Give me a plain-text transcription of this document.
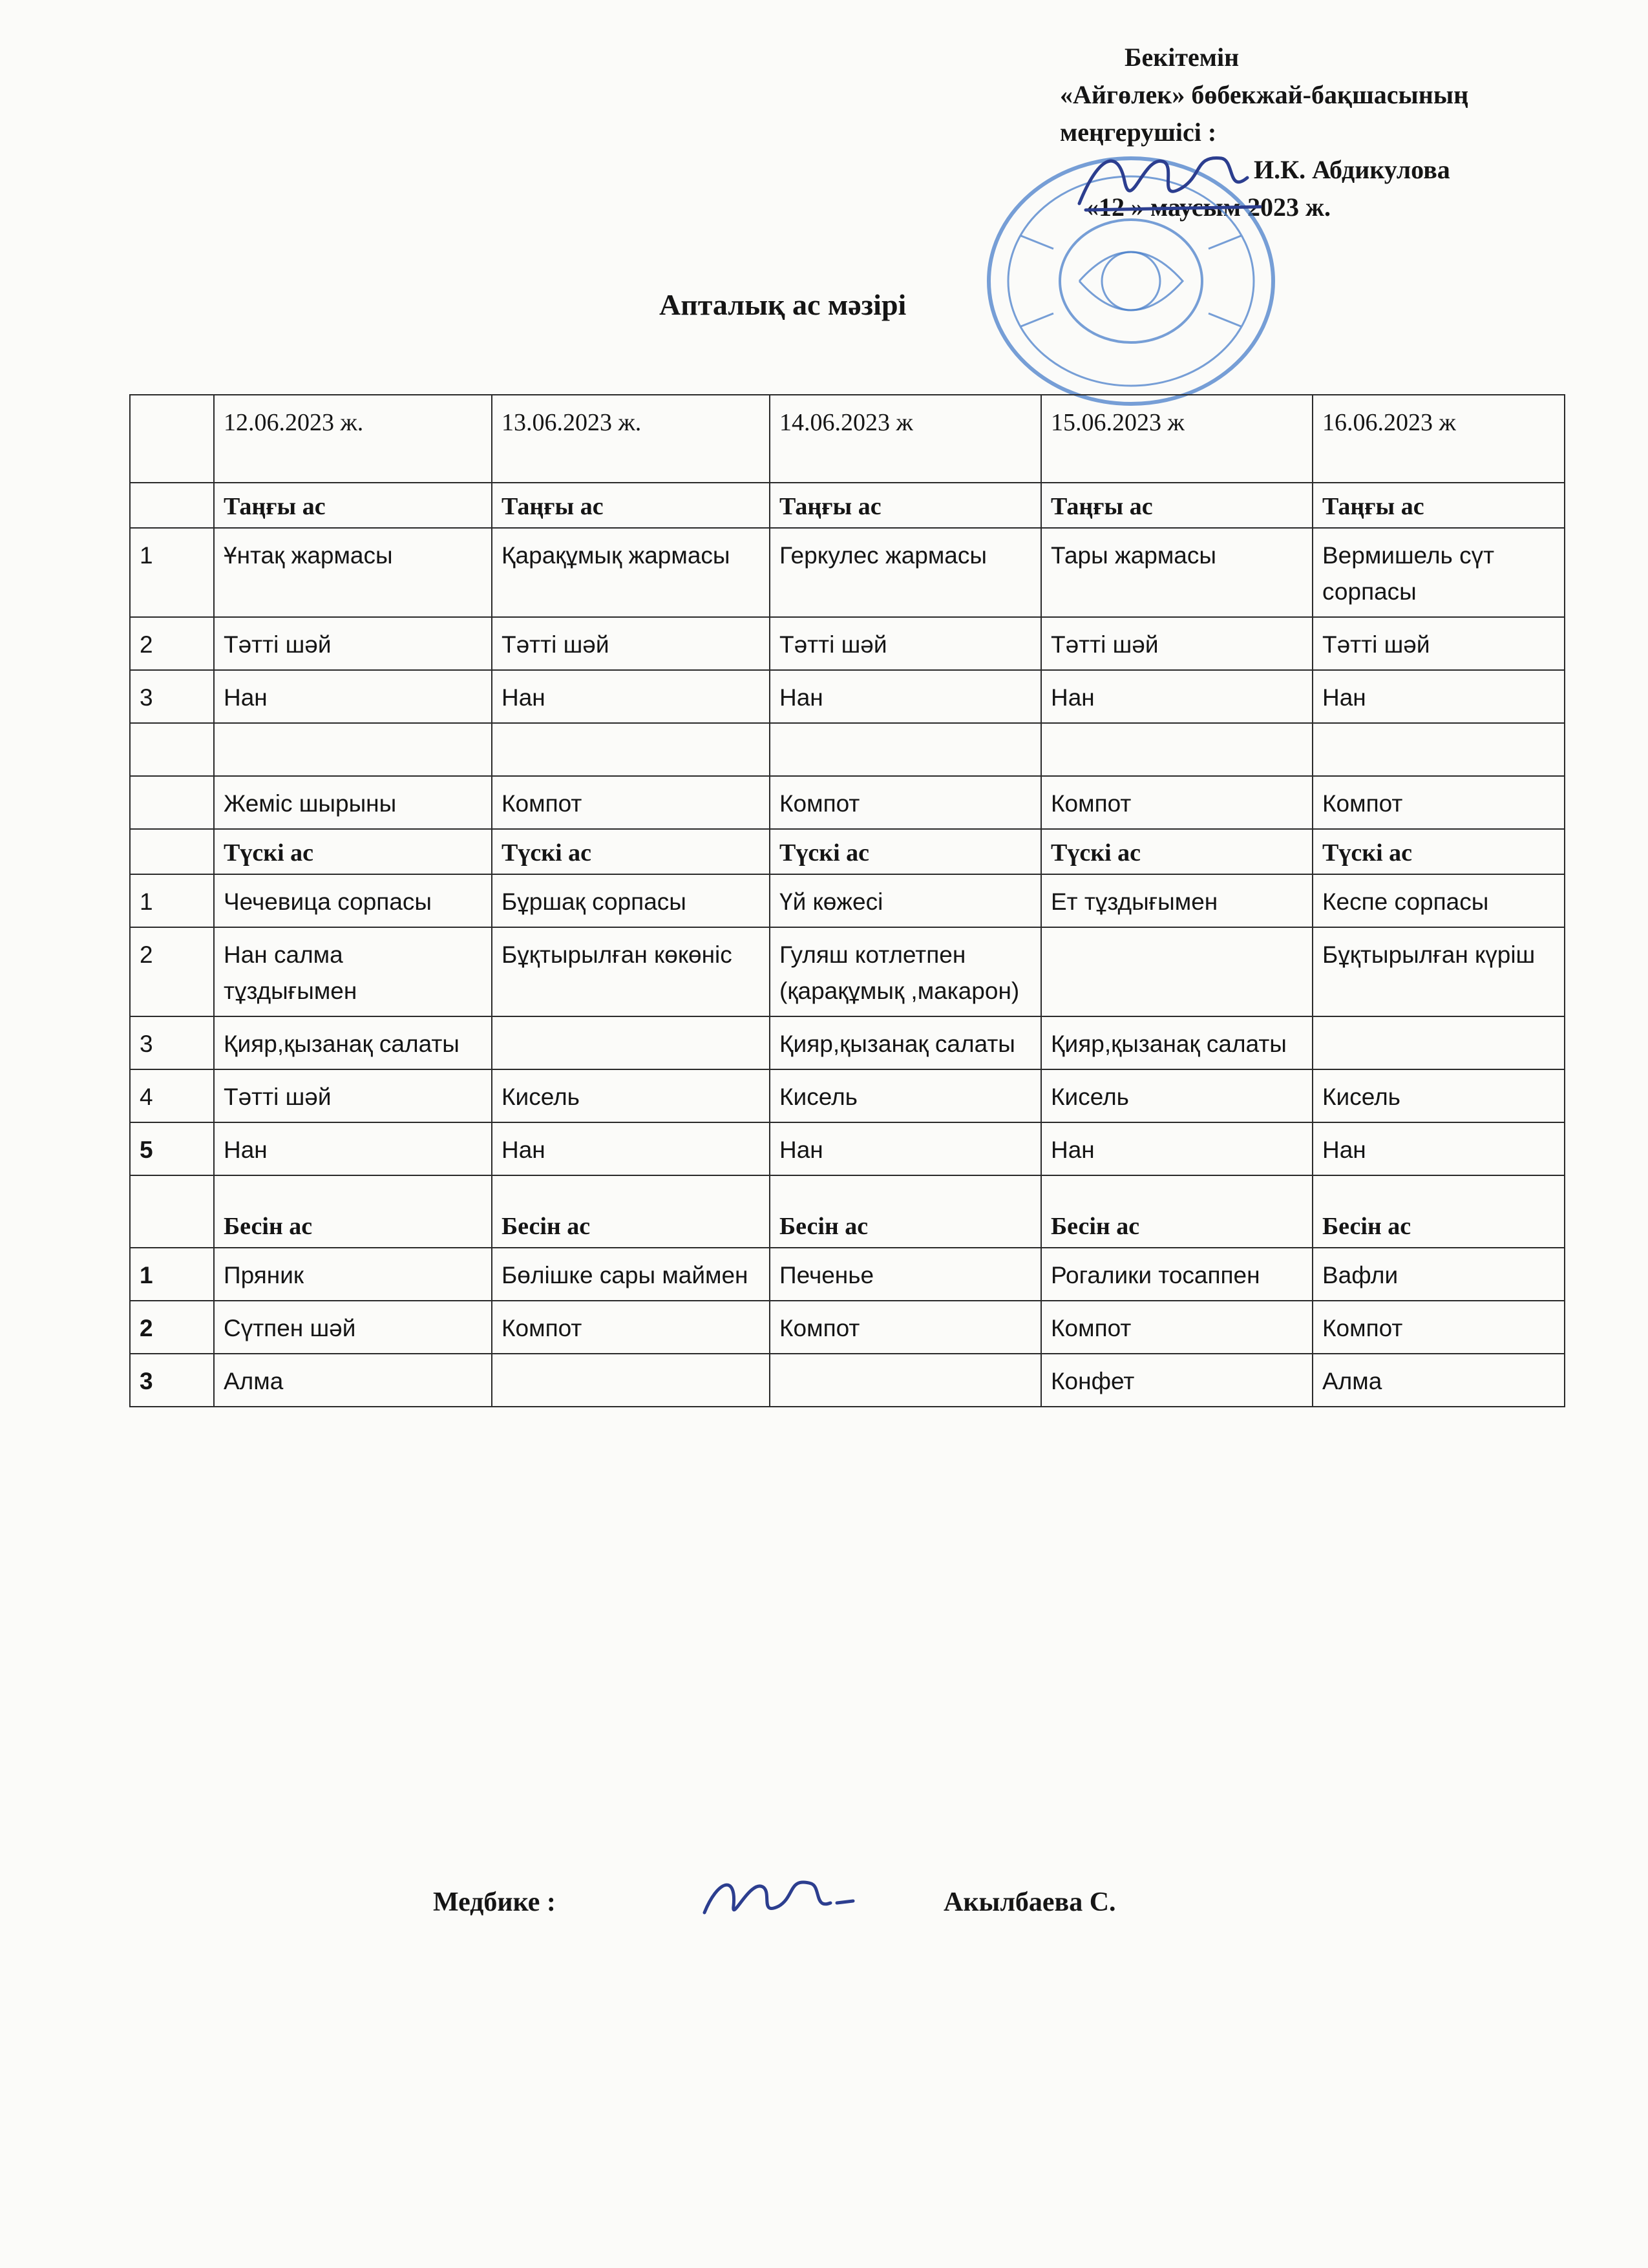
Бекітемін
«Айгөлек» бөбекжай-бақшасының
меңгерушісі :
И.К. Абдикулова
«12 » маусым 2023 ж.
Апталық ас мәзірі
	12.06.2023 ж.	13.06.2023 ж.	14.06.2023 ж	15.06.2023 ж	16.06.2023 ж
	Таңғы ас	Таңғы ас	Таңғы ас	Таңғы ас	Таңғы ас
1	Ұнтақ жармасы	Қарақұмық жармасы	Геркулес жармасы	Тары жармасы	Вермишель сүт сорпасы
2	Тәтті шәй	Тәтті шәй	Тәтті шәй	Тәтті шәй	Тәтті шәй
3	Нан	Нан	Нан	Нан	Нан

	Жеміс шырыны	Компот	Компот	Компот	Компот
	Түскі ас	Түскі ас	Түскі ас	Түскі ас	Түскі ас
1	Чечевица сорпасы	Бұршақ сорпасы	Үй көжесі	Ет тұздығымен	Кеспе сорпасы
2	Нан салма тұздығымен	Бұқтырылған көкөніс	Гуляш котлетпен (қарақұмық ,макарон)		Бұқтырылған күріш
3	Қияр,қызанақ салаты		Қияр,қызанақ салаты	Қияр,қызанақ салаты	
4	Тәтті шәй	Кисель	Кисель	Кисель	Кисель
5	Нан	Нан	Нан	Нан	Нан
	Бесін ас	Бесін ас	Бесін ас	Бесін ас	Бесін ас
1	Пряник	Бөлішке сары маймен	Печенье	Рогалики тосаппен	Вафли
2	Сүтпен шәй	Компот	Компот	Компот	Компот
3	Алма			Конфет	Алма
Медбике :	Акылбаева С.
